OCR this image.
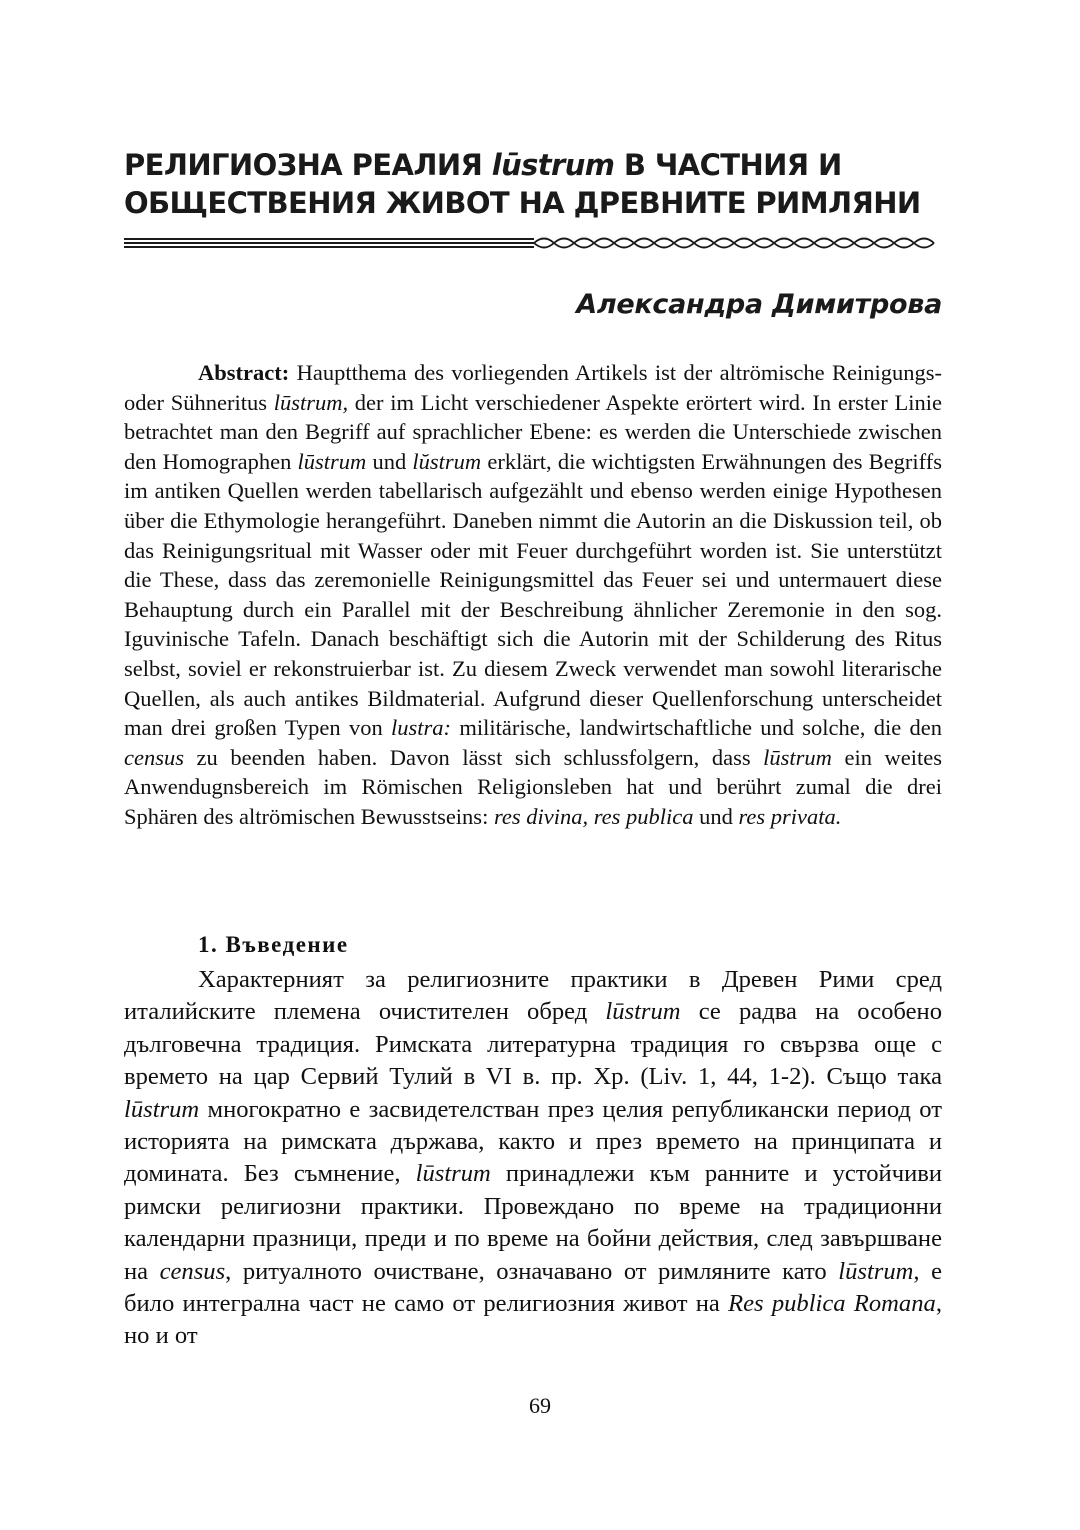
РЕЛИГИОЗНА РЕАЛИЯ lūstrum В ЧАСТНИЯ И ОБЩЕСТВЕНИЯ ЖИВОТ НА ДРЕВНИТЕ РИМЛЯНИ
Александра Димитрова

Abstract: Hauptthema des vorliegenden Artikels ist der altrömische Reinigungs- oder Sühneritus lūstrum, der im Licht verschiedener Aspekte erörtert wird. In erster Linie betrachtet man den Begriff auf sprachlicher Ebene: es werden die Unterschiede zwischen den Homographen lūstrum und lŭstrum erklärt, die wichtigsten Erwähnungen des Begriffs im antiken Quellen werden tabellarisch aufgezählt und ebenso werden einige Hypothesen über die Ethymologie herangeführt. Daneben nimmt die Autorin an die Diskussion teil, ob das Reinigungsritual mit Wasser oder mit Feuer durchgeführt worden ist. Sie unterstützt die These, dass das zeremonielle Reinigungsmittel das Feuer sei und untermauert diese Behauptung durch ein Parallel mit der Beschreibung ähnlicher Zeremonie in den sog. Iguvinische Tafeln. Danach beschäftigt sich die Autorin mit der Schilderung des Ritus selbst, soviel er rekonstruierbar ist. Zu diesem Zweck verwendet man sowohl literarische Quellen, als auch antikes Bildmaterial. Aufgrund dieser Quellenforschung unterscheidet man drei großen Typen von lustra: militärische, landwirtschaftliche und solche, die den census zu beenden haben. Davon lässt sich schlussfolgern, dass lūstrum ein weites Anwendugnsbereich im Römischen Religionsleben hat und berührt zumal die drei Sphären des altrömischen Bewusstseins: res divina, res publica und res privata.

1. Въведение

Характерният за религиозните практики в Древен Рими сред италийските племена очистителен обред lūstrum се радва на особено дълговечна традиция. Римската литературна традиция го свързва още с времето на цар Сервий Тулий в VI в. пр. Хр. (Liv. 1, 44, 1-2). Също така lūstrum многократно е засвидетелстван през целия републикански период от историята на римската държава, както и през времето на принципата и домината. Без съмнение, lūstrum принадлежи към ранните и устойчиви римски религиозни практики. Провеждано по време на традиционни календарни празници, преди и по време на бойни действия, след завършване на census, ритуалното очистване, означавано от римляните като lūstrum, е било интегрална част не само от религиозния живот на Res publica Romana, но и от

69
